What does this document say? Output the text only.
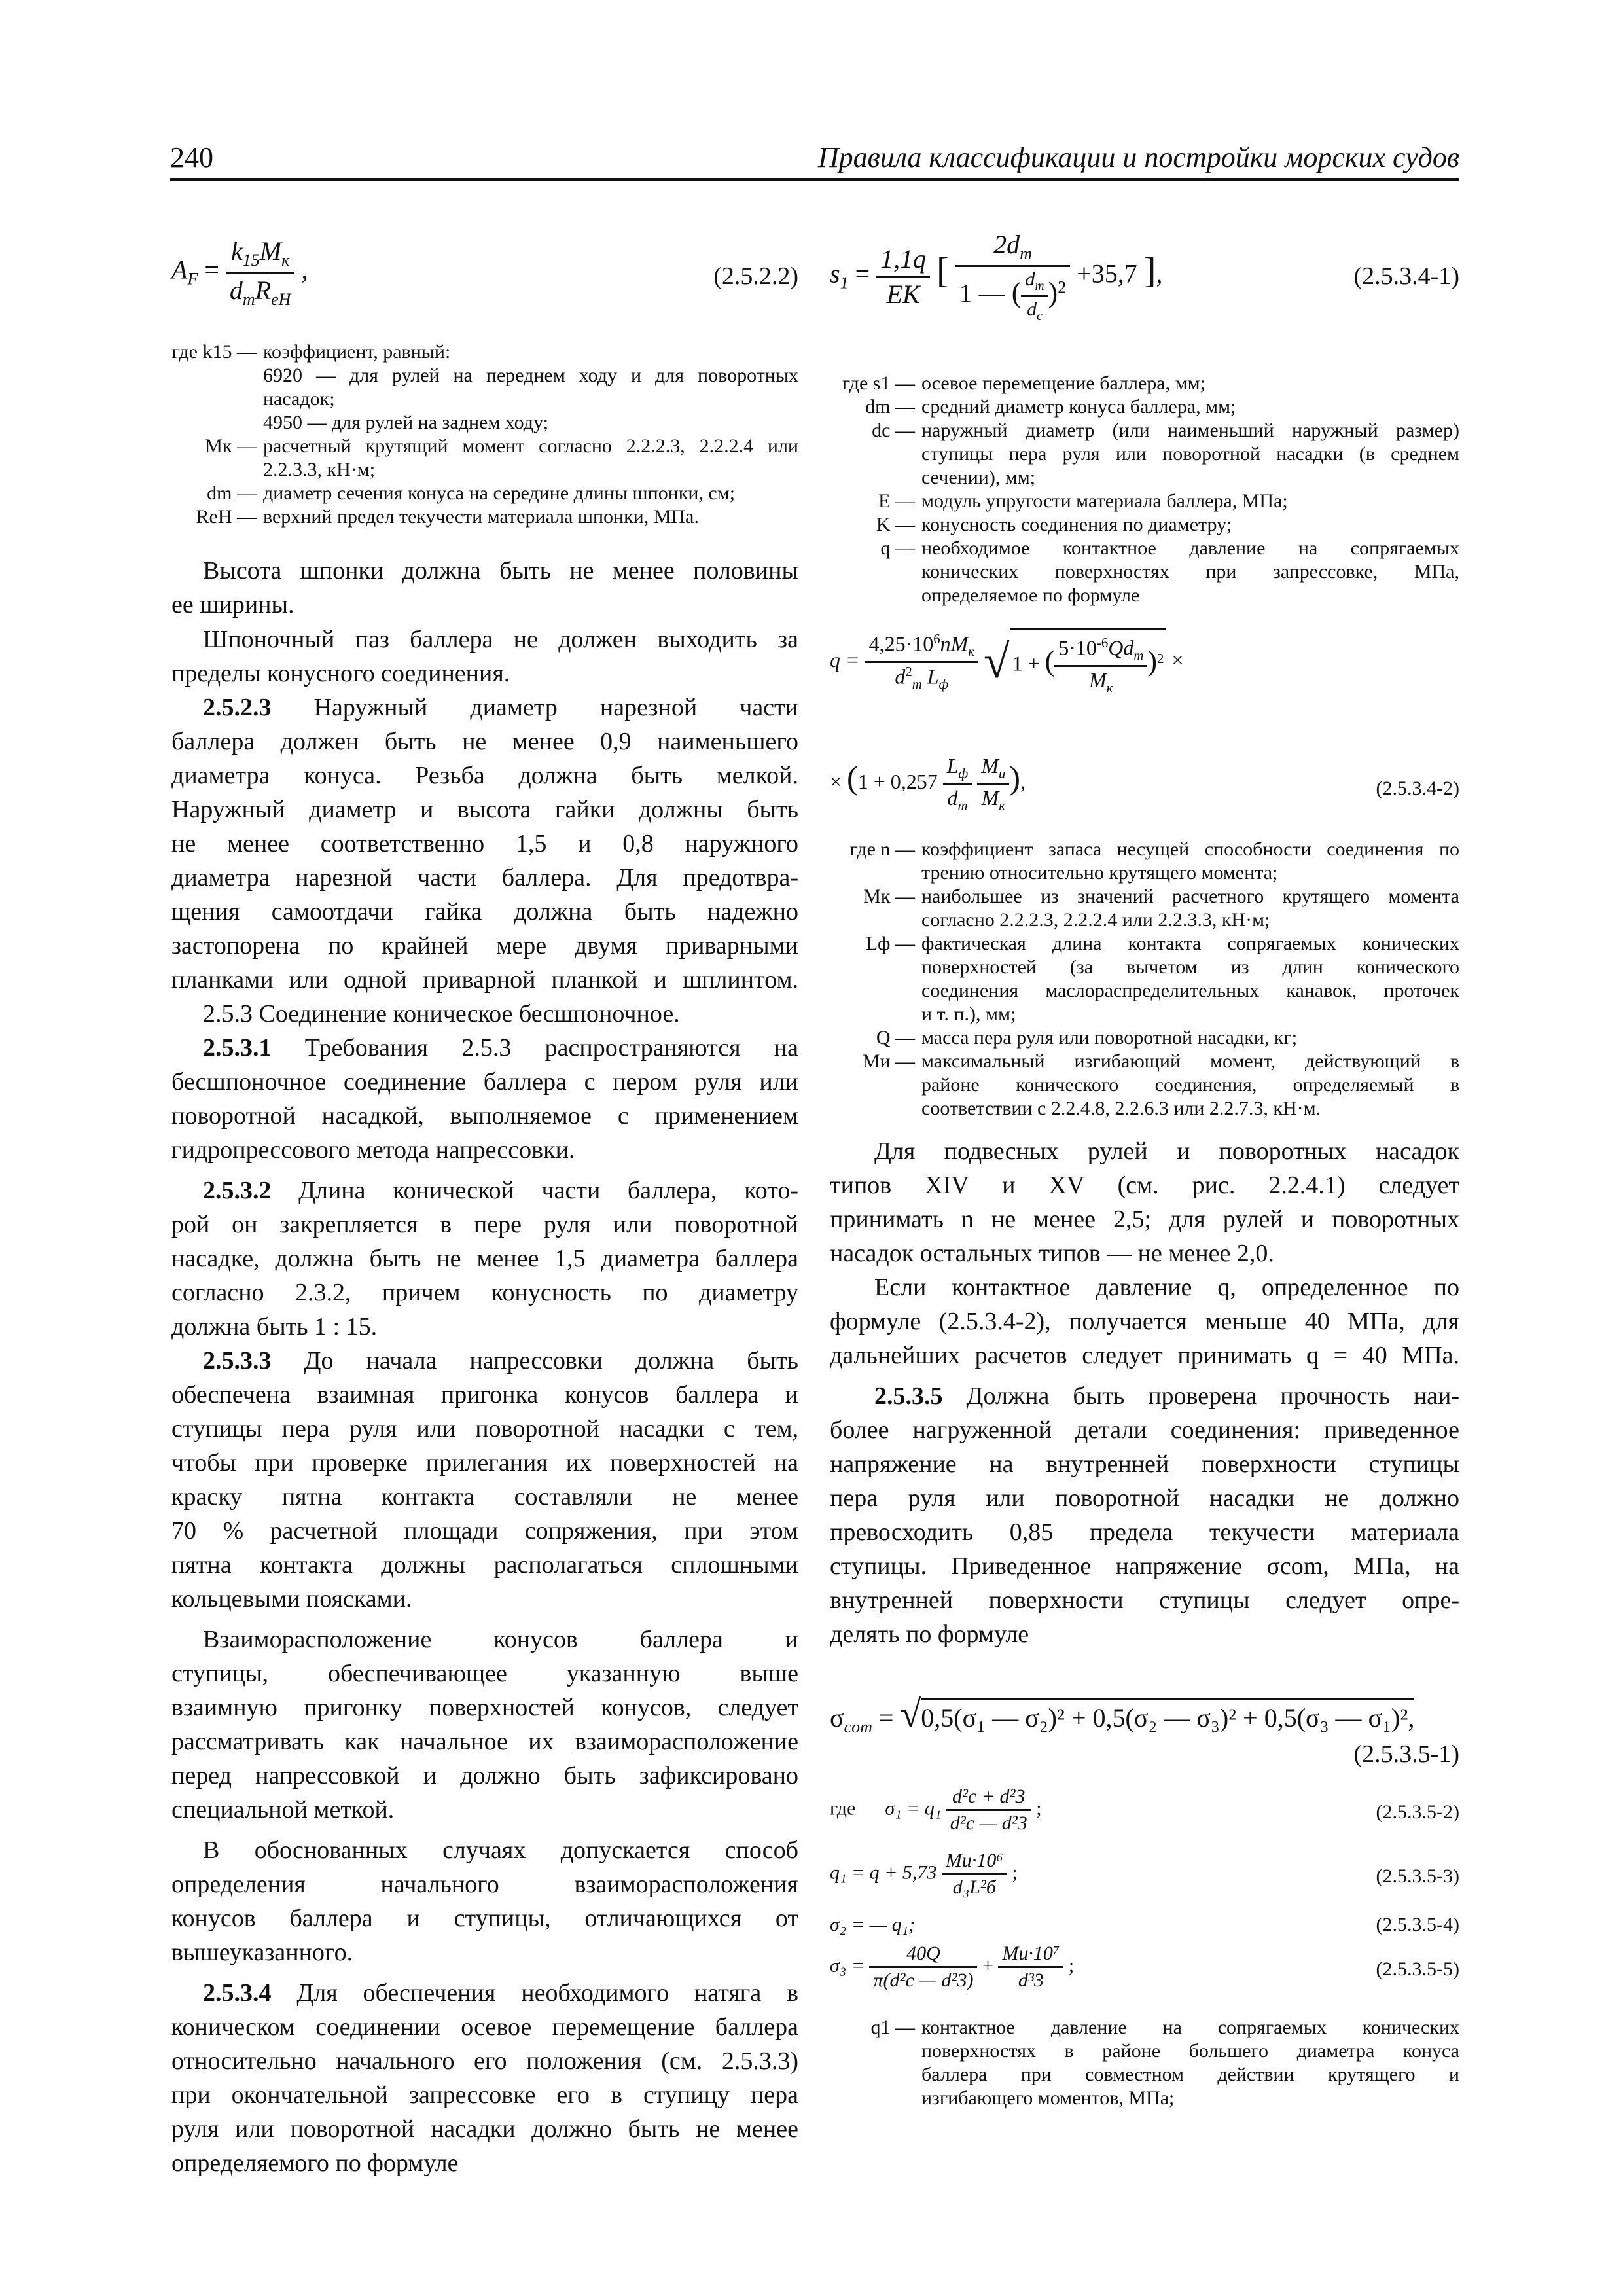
240	Правила классификации и постройки морских судов
$A_F = \frac{k_{15}M_к}{d_mR_{eH}}$ ,	(2.5.2.2)
где k15 — коэффициент, равный:
6920 — для рулей на переднем ходу и для поворотных
насадок;
4950 — для рулей на заднем ходу;
Mк — расчетный крутящий момент согласно 2.2.2.3, 2.2.2.4 или
2.2.3.3, кН·м;
dm — диаметр сечения конуса на середине длины шпонки, см;
ReH — верхний предел текучести материала шпонки, МПа.
Высота шпонки должна быть не менее половины
ее ширины.
Шпоночный паз баллера не должен выходить за
пределы конусного соединения.
2.5.2.3 Наружный диаметр нарезной части
баллера должен быть не менее 0,9 наименьшего
диаметра конуса. Резьба должна быть мелкой.
Наружный диаметр и высота гайки должны быть
не менее соответственно 1,5 и 0,8 наружного
диаметра нарезной части баллера. Для предотвра-
щения самоотдачи гайка должна быть надежно
застопорена по крайней мере двумя приварными
планками или одной приварной планкой и шплинтом.
2.5.3 Соединение коническое бесшпоночное.
2.5.3.1 Требования 2.5.3 распространяются на
бесшпоночное соединение баллера с пером руля или
поворотной насадкой, выполняемое с применением
гидропрессового метода напрессовки.
2.5.3.2 Длина конической части баллера, кото-
рой он закрепляется в пере руля или поворотной
насадке, должна быть не менее 1,5 диаметра баллера
согласно 2.3.2, причем конусность по диаметру
должна быть 1 : 15.
2.5.3.3 До начала напрессовки должна быть
обеспечена взаимная пригонка конусов баллера и
ступицы пера руля или поворотной насадки с тем,
чтобы при проверке прилегания их поверхностей на
краску пятна контакта составляли не менее
70 % расчетной площади сопряжения, при этом
пятна контакта должны располагаться сплошными
кольцевыми поясками.
Взаиморасположение конусов баллера и
ступицы, обеспечивающее указанную выше
взаимную пригонку поверхностей конусов, следует
рассматривать как начальное их взаиморасположение
перед напрессовкой и должно быть зафиксировано
специальной меткой.
В обоснованных случаях допускается способ
определения начального взаиморасположения
конусов баллера и ступицы, отличающихся от
вышеуказанного.
2.5.3.4 Для обеспечения необходимого натяга в
коническом соединении осевое перемещение баллера
относительно начального его положения (см. 2.5.3.3)
при окончательной запрессовке его в ступицу пера
руля или поворотной насадки должно быть не менее
определяемого по формуле
$s_1 = \frac{1,1q}{EK}$ [ $\frac{2d_m}{1 — ( \frac{d_m}{d_c} )^2} +35,7$ ],	(2.5.3.4-1)
где s1 — осевое перемещение баллера, мм;
dm — средний диаметр конуса баллера, мм;
dc — наружный диаметр (или наименьший наружный размер)
ступицы пера руля или поворотной насадки (в среднем
сечении), мм;
E — модуль упругости материала баллера, МПа;
K — конусность соединения по диаметру;
q — необходимое контактное давление на сопрягаемых
конических поверхностях при запрессовке, МПа,
определяемое по формуле
$q = \frac{4,25\cdot 10^6nM_к}{d^2_m L_ф}$ √ 1 + ( $\frac{5\cdot 10^{-6}Qd_m}{M_к} )^2$ ×
× ($1 + 0,257 \frac{L_ф}{d_m}$
$\frac{M_и}{M_к}$ ),	(2.5.3.4-2)
где n — коэффициент запаса несущей способности соединения по
трению относительно крутящего момента;
Mк — наибольшее из значений расчетного крутящего момента
согласно 2.2.2.3, 2.2.2.4 или 2.2.3.3, кН·м;
Lф — фактическая длина контакта сопрягаемых конических
поверхностей (за вычетом из длин конического
соединения маслораспределительных канавок, проточек
и т. п.), мм;
Q — масса пера руля или поворотной насадки, кг;
Mи — максимальный изгибающий момент, действующий в
районе конического соединения, определяемый в
соответствии с 2.2.4.8, 2.2.6.3 или 2.2.7.3, кН·м.
Для подвесных рулей и поворотных насадок
типов XIV и XV (см. рис. 2.2.4.1) следует
принимать n не менее 2,5; для рулей и поворотных
насадок остальных типов — не менее 2,0.
Если контактное давление q, определенное по
формуле (2.5.3.4-2), получается меньше 40 МПа, для
дальнейших расчетов следует принимать q = 40 МПа.
2.5.3.5 Должна быть проверена прочность наи-
более нагруженной детали соединения: приведенное
напряжение на внутренней поверхности ступицы
пера руля или поворотной насадки не должно
превосходить 0,85 предела текучести материала
ступицы. Приведенное напряжение σcom, МПа, на
внутренней поверхности ступицы следует опре-
делять по формуле
$\sigma_{com} = √0,5(\sigma_1$ — σ₂)² + 0,5(σ₂ — σ₃)² + 0,5(σ₃ — σ₁)²,
(2.5.3.5-1)
где $\sigma_1 = q_1 \frac{\text{d²c + d²3}}{\text{d²c — d²3}}$ ;	(2.5.3.5-2)
$q_1 = q + 5,73 \frac{\text{Mи·10⁶}}{\text{d₃L²б}}$ ;	(2.5.3.5-3)
σ₂ = — q₁;	(2.5.3.5-4)
$\sigma_3 = \frac{40Q}{\text{π(d²c — d²3)}} + \frac{\text{Mи·10⁷}}{\text{d³3}}$ ;	(2.5.3.5-5)
q1 — контактное давление на сопрягаемых конических
поверхностях в районе большего диаметра конуса
баллера при совместном действии крутящего и
изгибающего моментов, МПа;
